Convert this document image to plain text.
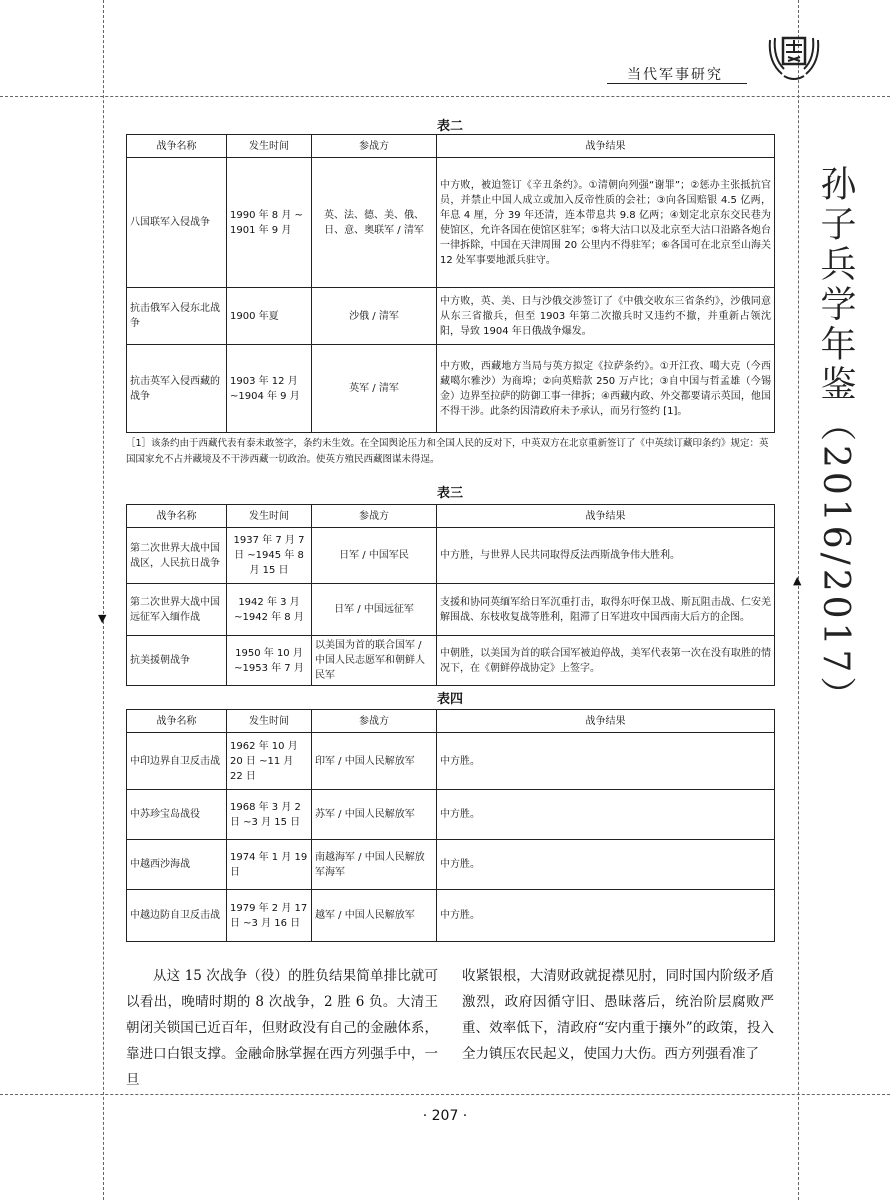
▼
▲
当代军事研究
孙子兵学年鉴（2016/2017）
表二
战争名称	发生时间	参战方	战争结果
八国联军入侵战争	1990 年 8 月 ~ 1901 年 9 月	英、法、德、美、俄、日、意、奥联军 / 清军	中方败，被迫签订《辛丑条约》。①清朝向列强“谢罪”；②惩办主张抵抗官员，并禁止中国人成立或加入反帝性质的会社；③向各国赔银 4.5 亿两，年息 4 厘，分 39 年还清，连本带息共 9.8 亿两；④划定北京东交民巷为使馆区，允许各国在使馆区驻军；⑤将大沽口以及北京至大沽口沿路各炮台一律拆除，中国在天津周围 20 公里内不得驻军；⑥各国可在北京至山海关 12 处军事要地派兵驻守。
抗击俄军入侵东北战争	1900 年夏	沙俄 / 清军	中方败，英、美、日与沙俄交涉签订了《中俄交收东三省条约》，沙俄同意从东三省撤兵，但至 1903 年第二次撤兵时又违约不撤，并重新占领沈阳，导致 1904 年日俄战争爆发。
抗击英军入侵西藏的战争	1903 年 12 月 ~1904 年 9 月	英军 / 清军	中方败，西藏地方当局与英方拟定《拉萨条约》。①开江孜、噶大克（今西藏噶尔雅沙）为商埠；②向英赔款 250 万卢比；③自中国与哲孟雄（今锡金）边界至拉萨的防御工事一律拆；④西藏内政、外交都要请示英国，他国不得干涉。此条约因清政府未予承认，而另行签约 [1]。
［1］该条约由于西藏代表有泰未敢签字，条约未生效。在全国舆论压力和全国人民的反对下，中英双方在北京重新签订了《中英续订藏印条约》规定：英国国家允不占并藏境及不干涉西藏一切政治。使英方殖民西藏图谋未得逞。
表三
战争名称	发生时间	参战方	战争结果
第二次世界大战中国战区，人民抗日战争	1937 年 7 月 7 日 ~1945 年 8 月 15 日	日军 / 中国军民	中方胜，与世界人民共同取得反法西斯战争伟大胜利。
第二次世界大战中国远征军入缅作战	1942 年 3 月 ~1942 年 8 月	日军 / 中国远征军	支援和协同英缅军给日军沉重打击，取得东吁保卫战、斯瓦阻击战、仁安羌解围战、东枝收复战等胜利，阻滞了日军进攻中国西南大后方的企图。
抗美援朝战争	1950 年 10 月 ~1953 年 7 月	以美国为首的联合国军 / 中国人民志愿军和朝鲜人民军	中朝胜，以美国为首的联合国军被迫停战，美军代表第一次在没有取胜的情况下，在《朝鲜停战协定》上签字。
表四
战争名称	发生时间	参战方	战争结果
中印边界自卫反击战	1962 年 10 月 20 日 ~11 月 22 日	印军 / 中国人民解放军	中方胜。
中苏珍宝岛战役	1968 年 3 月 2 日 ~3 月 15 日	苏军 / 中国人民解放军	中方胜。
中越西沙海战	1974 年 1 月 19 日	南越海军 / 中国人民解放军海军	中方胜。
中越边防自卫反击战	1979 年 2 月 17 日 ~3 月 16 日	越军 / 中国人民解放军	中方胜。

从这 15 次战争（役）的胜负结果简单排比就可以看出，晚晴时期的 8 次战争，2 胜 6 负。大清王朝闭关锁国已近百年，但财政没有自己的金融体系，靠进口白银支撑。金融命脉掌握在西方列强手中，一旦

收紧银根，大清财政就捉襟见肘，同时国内阶级矛盾激烈，政府因循守旧、愚昧落后，统治阶层腐败严重、效率低下，清政府“安内重于攘外”的政策，投入全力镇压农民起义，使国力大伤。西方列强看准了

· 207 ·
